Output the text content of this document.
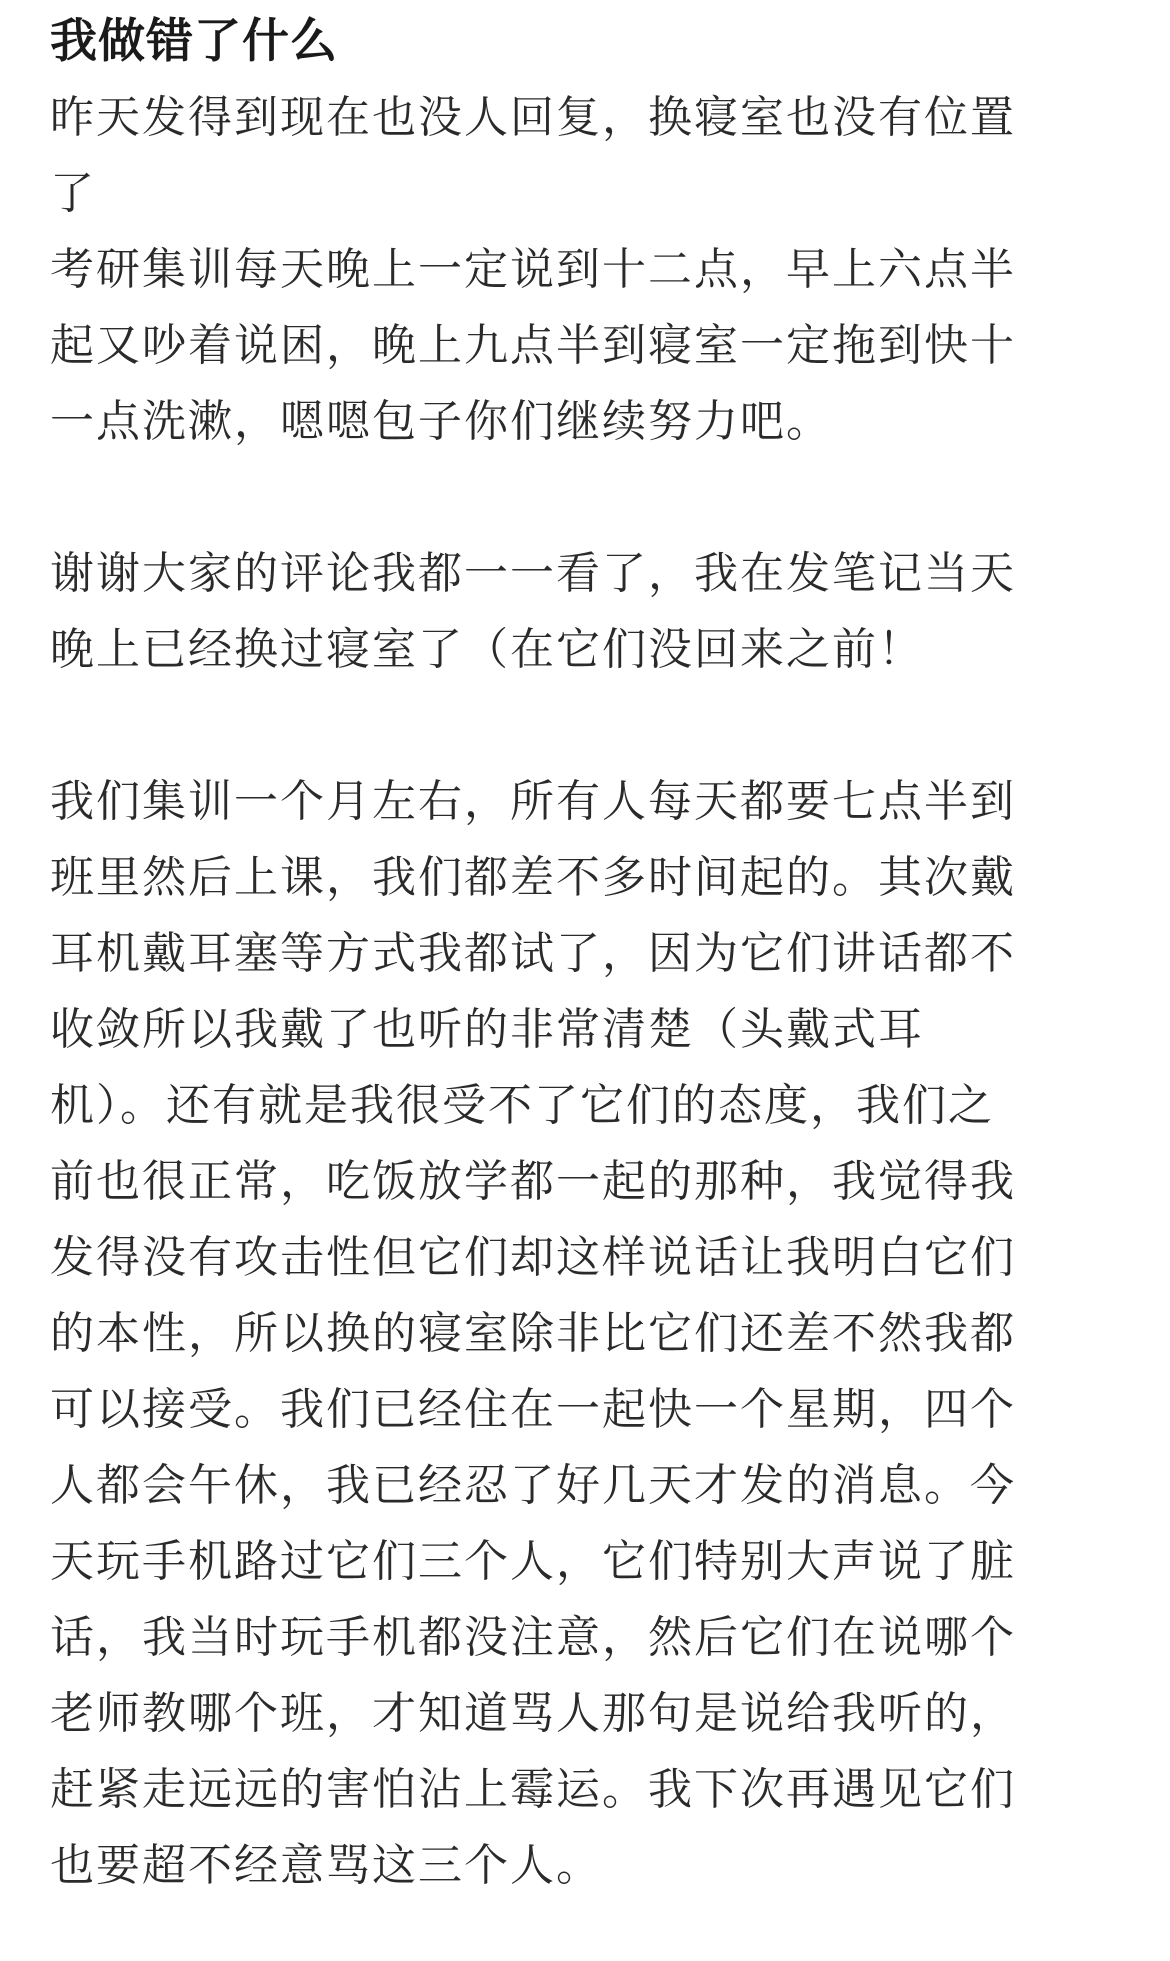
我做错了什么

昨天发得到现在也没人回复，换寝室也没有位置
了
考研集训每天晚上一定说到十二点，早上六点半
起又吵着说困，晚上九点半到寝室一定拖到快十
一点洗漱，嗯嗯包子你们继续努力吧。

谢谢大家的评论我都一一看了，我在发笔记当天
晚上已经换过寝室了（在它们没回来之前！

我们集训一个月左右，所有人每天都要七点半到
班里然后上课，我们都差不多时间起的。其次戴
耳机戴耳塞等方式我都试了，因为它们讲话都不
收敛所以我戴了也听的非常清楚（头戴式耳
机）。还有就是我很受不了它们的态度，我们之
前也很正常，吃饭放学都一起的那种，我觉得我
发得没有攻击性但它们却这样说话让我明白它们
的本性，所以换的寝室除非比它们还差不然我都
可以接受。我们已经住在一起快一个星期，四个
人都会午休，我已经忍了好几天才发的消息。今
天玩手机路过它们三个人，它们特别大声说了脏
话，我当时玩手机都没注意，然后它们在说哪个
老师教哪个班，才知道骂人那句是说给我听的，
赶紧走远远的害怕沾上霉运。我下次再遇见它们
也要超不经意骂这三个人。
